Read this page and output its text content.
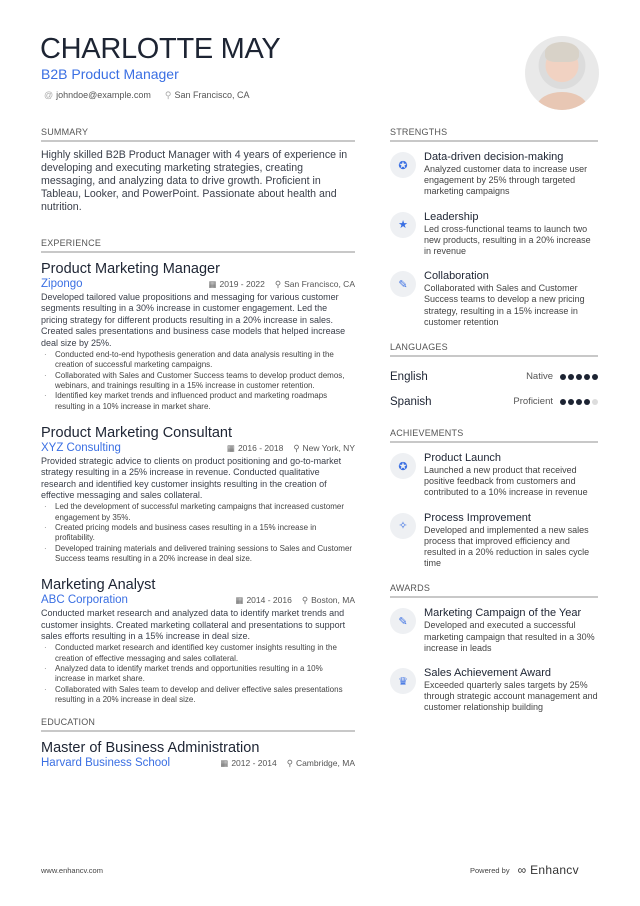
CHARLOTTE MAY
B2B Product Manager
@ johndoe@example.com ⚲ San Francisco, CA
SUMMARY
Highly skilled B2B Product Manager with 4 years of experience in developing and executing marketing strategies, creating messaging, and analyzing data to drive growth. Proficient in Tableau, Looker, and PowerPoint. Passionate about health and nutrition.
EXPERIENCE
Product Marketing Manager
Zipongo	▦ 2019 - 2022 ⚲ San Francisco, CA
Developed tailored value propositions and messaging for various customer segments resulting in a 30% increase in customer engagement. Led the pricing strategy for different products resulting in a 20% increase in sales. Created sales presentations and business case models that helped increase deal size by 25%.
· Conducted end-to-end hypothesis generation and data analysis resulting in the creation of successful marketing campaigns.
· Collaborated with Sales and Customer Success teams to develop product demos, webinars, and trainings resulting in a 15% increase in customer retention.
· Identified key market trends and influenced product and marketing roadmaps resulting in a 10% increase in market share.
Product Marketing Consultant
XYZ Consulting	▦ 2016 - 2018 ⚲ New York, NY
Provided strategic advice to clients on product positioning and go-to-market strategy resulting in a 25% increase in revenue. Conducted qualitative research and identified key customer insights resulting in the creation of effective messaging and sales collateral.
· Led the development of successful marketing campaigns that increased customer engagement by 35%.
· Created pricing models and business cases resulting in a 15% increase in profitability.
· Developed training materials and delivered training sessions to Sales and Customer Success teams resulting in a 20% increase in deal size.
Marketing Analyst
ABC Corporation	▦ 2014 - 2016 ⚲ Boston, MA
Conducted market research and analyzed data to identify market trends and customer insights. Created marketing collateral and presentations to support sales efforts resulting in a 15% increase in deal size.
· Conducted market research and identified key customer insights resulting in the creation of effective messaging and sales collateral.
· Analyzed data to identify market trends and opportunities resulting in a 10% increase in market share.
· Collaborated with Sales team to develop and deliver effective sales presentations resulting in a 20% increase in deal size.
EDUCATION
Master of Business Administration
Harvard Business School	▦ 2012 - 2014 ⚲ Cambridge, MA
STRENGTHS
✪
Data-driven decision-making
Analyzed customer data to increase user engagement by 25% through targeted marketing campaigns
★
Leadership
Led cross-functional teams to launch two new products, resulting in a 20% increase in revenue
✎
Collaboration
Collaborated with Sales and Customer Success teams to develop a new pricing strategy, resulting in a 15% increase in customer retention
LANGUAGES
English	Native
Spanish	Proficient
ACHIEVEMENTS
✪
Product Launch
Launched a new product that received positive feedback from customers and contributed to a 10% increase in revenue
✧
Process Improvement
Developed and implemented a new sales process that improved efficiency and resulted in a 20% reduction in sales cycle time
AWARDS
✎
Marketing Campaign of the Year
Developed and executed a successful marketing campaign that resulted in a 30% increase in leads
♛
Sales Achievement Award
Exceeded quarterly sales targets by 25% through strategic account management and customer relationship building
www.enhancv.com	Powered by ∞ Enhancv
